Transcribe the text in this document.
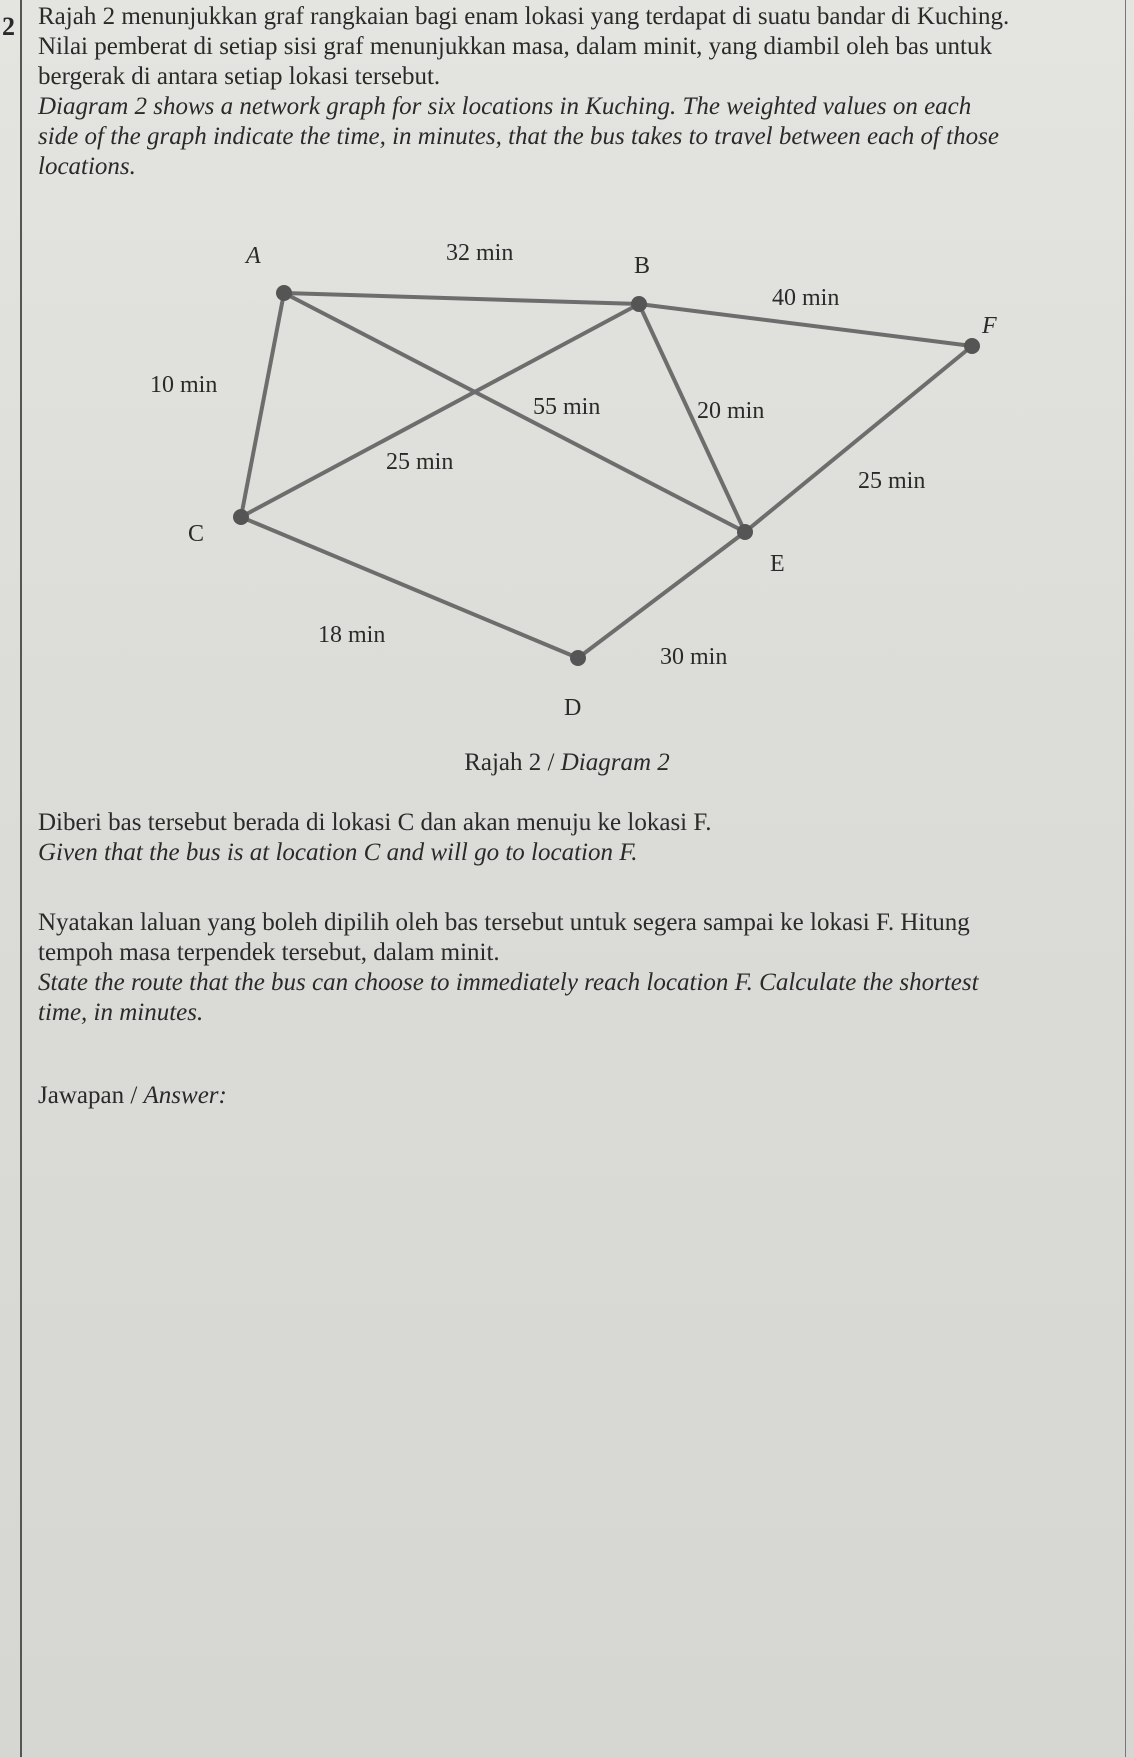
2 Rajah 2 menunjukkan graf rangkaian bagi enam lokasi yang terdapat di suatu bandar di Kuching.

Nilai pemberat di setiap sisi graf menunjukkan masa, dalam minit, yang diambil oleh bas untuk

bergerak di antara setiap lokasi tersebut.

Diagram 2 shows a network graph for six locations in Kuching. The weighted values on each

side of the graph indicate the time, in minutes, that the bus takes to travel between each of those

locations.

A	B
C
D
E
F
32 min
40 min
10 min
55 min
25 min
20 min
25 min
18 min
30 min
Rajah 2 / Diagram 2

Diberi bas tersebut berada di lokasi C dan akan menuju ke lokasi F.

Given that the bus is at location C and will go to location F.

Nyatakan laluan yang boleh dipilih oleh bas tersebut untuk segera sampai ke lokasi F. Hitung

tempoh masa terpendek tersebut, dalam minit.

State the route that the bus can choose to immediately reach location F. Calculate the shortest

time, in minutes.

Jawapan / Answer:
